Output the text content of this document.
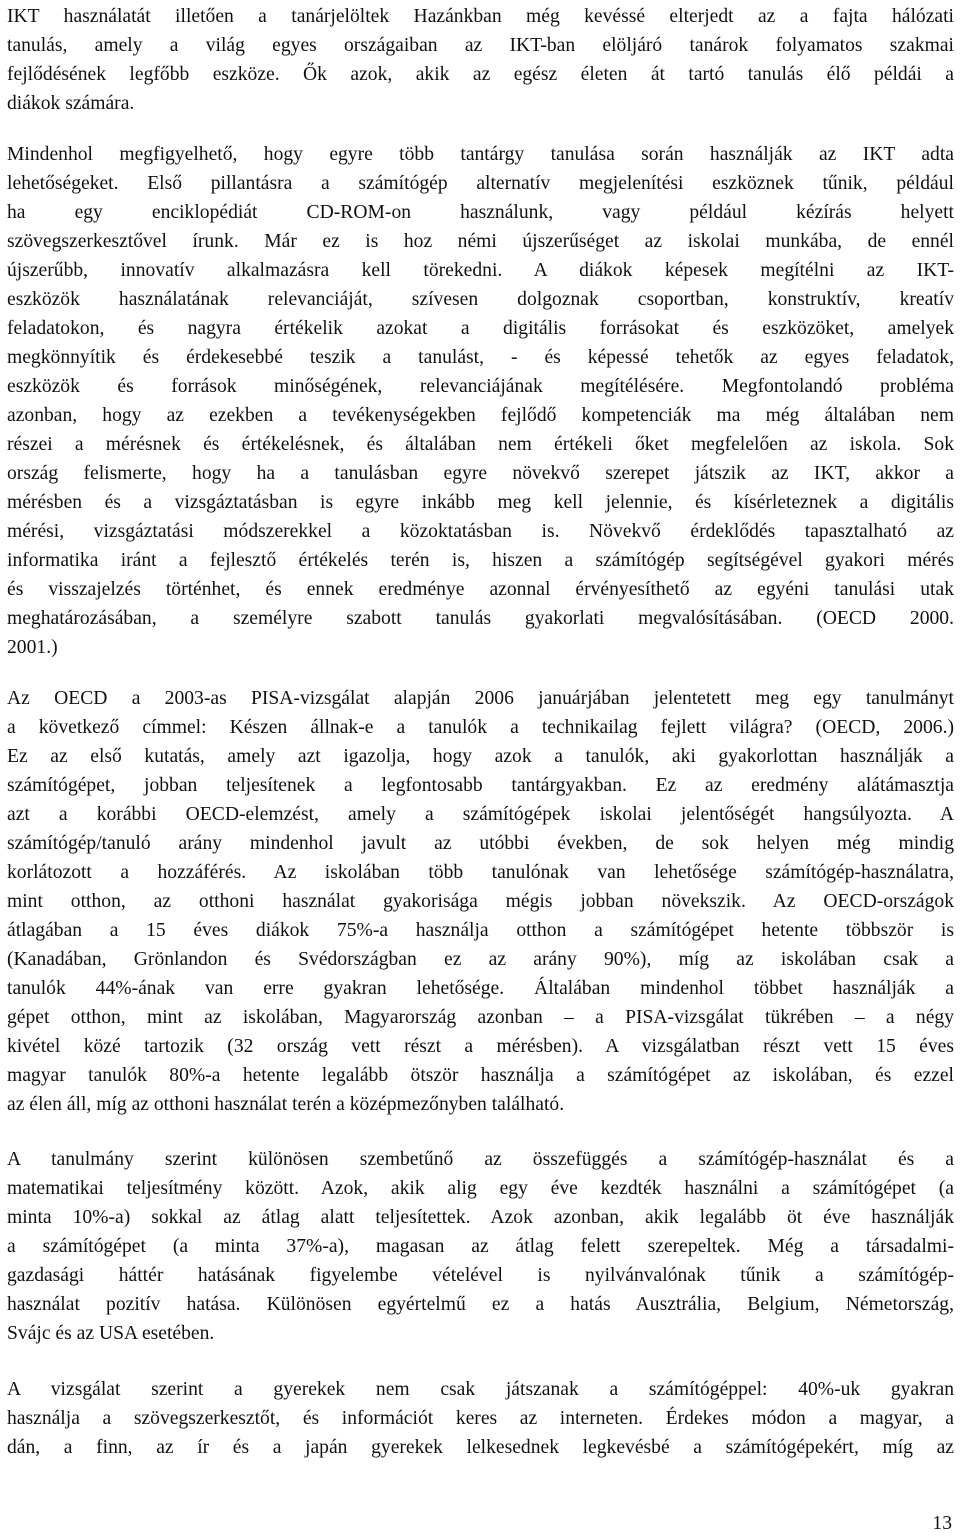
IKT használatát illetően a tanárjelöltek Hazánkban még kevéssé elterjedt az a fajta hálózati
tanulás, amely a világ egyes országaiban az IKT-ban elöljáró tanárok folyamatos szakmai
fejlődésének legfőbb eszköze. Ők azok, akik az egész életen át tartó tanulás élő példái a
diákok számára.
Mindenhol megfigyelhető, hogy egyre több tantárgy tanulása során használják az IKT adta
lehetőségeket. Első pillantásra a számítógép alternatív megjelenítési eszköznek tűnik, például
ha egy enciklopédiát CD-ROM-on használunk, vagy például kézírás helyett
szövegszerkesztővel írunk. Már ez is hoz némi újszerűséget az iskolai munkába, de ennél
újszerűbb, innovatív alkalmazásra kell törekedni. A diákok képesek megítélni az IKT-
eszközök használatának relevanciáját, szívesen dolgoznak csoportban, konstruktív, kreatív
feladatokon, és nagyra értékelik azokat a digitális forrásokat és eszközöket, amelyek
megkönnyítik és érdekesebbé teszik a tanulást, - és képessé tehetők az egyes feladatok,
eszközök és források minőségének, relevanciájának megítélésére. Megfontolandó probléma
azonban, hogy az ezekben a tevékenységekben fejlődő kompetenciák ma még általában nem
részei a mérésnek és értékelésnek, és általában nem értékeli őket megfelelően az iskola. Sok
ország felismerte, hogy ha a tanulásban egyre növekvő szerepet játszik az IKT, akkor a
mérésben és a vizsgáztatásban is egyre inkább meg kell jelennie, és kísérleteznek a digitális
mérési, vizsgáztatási módszerekkel a közoktatásban is. Növekvő érdeklődés tapasztalható az
informatika iránt a fejlesztő értékelés terén is, hiszen a számítógép segítségével gyakori mérés
és visszajelzés történhet, és ennek eredménye azonnal érvényesíthető az egyéni tanulási utak
meghatározásában, a személyre szabott tanulás gyakorlati megvalósításában. (OECD 2000.
2001.)
Az OECD a 2003-as PISA-vizsgálat alapján 2006 januárjában jelentetett meg egy tanulmányt
a következő címmel: Készen állnak-e a tanulók a technikailag fejlett világra? (OECD, 2006.)
Ez az első kutatás, amely azt igazolja, hogy azok a tanulók, aki gyakorlottan használják a
számítógépet, jobban teljesítenek a legfontosabb tantárgyakban. Ez az eredmény alátámasztja
azt a korábbi OECD-elemzést, amely a számítógépek iskolai jelentőségét hangsúlyozta. A
számítógép/tanuló arány mindenhol javult az utóbbi években, de sok helyen még mindig
korlátozott a hozzáférés. Az iskolában több tanulónak van lehetősége számítógép-használatra,
mint otthon, az otthoni használat gyakorisága mégis jobban növekszik. Az OECD-országok
átlagában a 15 éves diákok 75%-a használja otthon a számítógépet hetente többször is
(Kanadában, Grönlandon és Svédországban ez az arány 90%), míg az iskolában csak a
tanulók 44%-ának van erre gyakran lehetősége. Általában mindenhol többet használják a
gépet otthon, mint az iskolában, Magyarország azonban – a PISA-vizsgálat tükrében – a négy
kivétel közé tartozik (32 ország vett részt a mérésben). A vizsgálatban részt vett 15 éves
magyar tanulók 80%-a hetente legalább ötször használja a számítógépet az iskolában, és ezzel
az élen áll, míg az otthoni használat terén a középmezőnyben található.
A tanulmány szerint különösen szembetűnő az összefüggés a számítógép-használat és a
matematikai teljesítmény között. Azok, akik alig egy éve kezdték használni a számítógépet (a
minta 10%-a) sokkal az átlag alatt teljesítettek. Azok azonban, akik legalább öt éve használják
a számítógépet (a minta 37%-a), magasan az átlag felett szerepeltek. Még a társadalmi-
gazdasági háttér hatásának figyelembe vételével is nyilvánvalónak tűnik a számítógép-
használat pozitív hatása. Különösen egyértelmű ez a hatás Ausztrália, Belgium, Németország,
Svájc és az USA esetében.
A vizsgálat szerint a gyerekek nem csak játszanak a számítógéppel: 40%-uk gyakran
használja a szövegszerkesztőt, és információt keres az interneten. Érdekes módon a magyar, a
dán, a finn, az ír és a japán gyerekek lelkesednek legkevésbé a számítógépekért, míg az
13
